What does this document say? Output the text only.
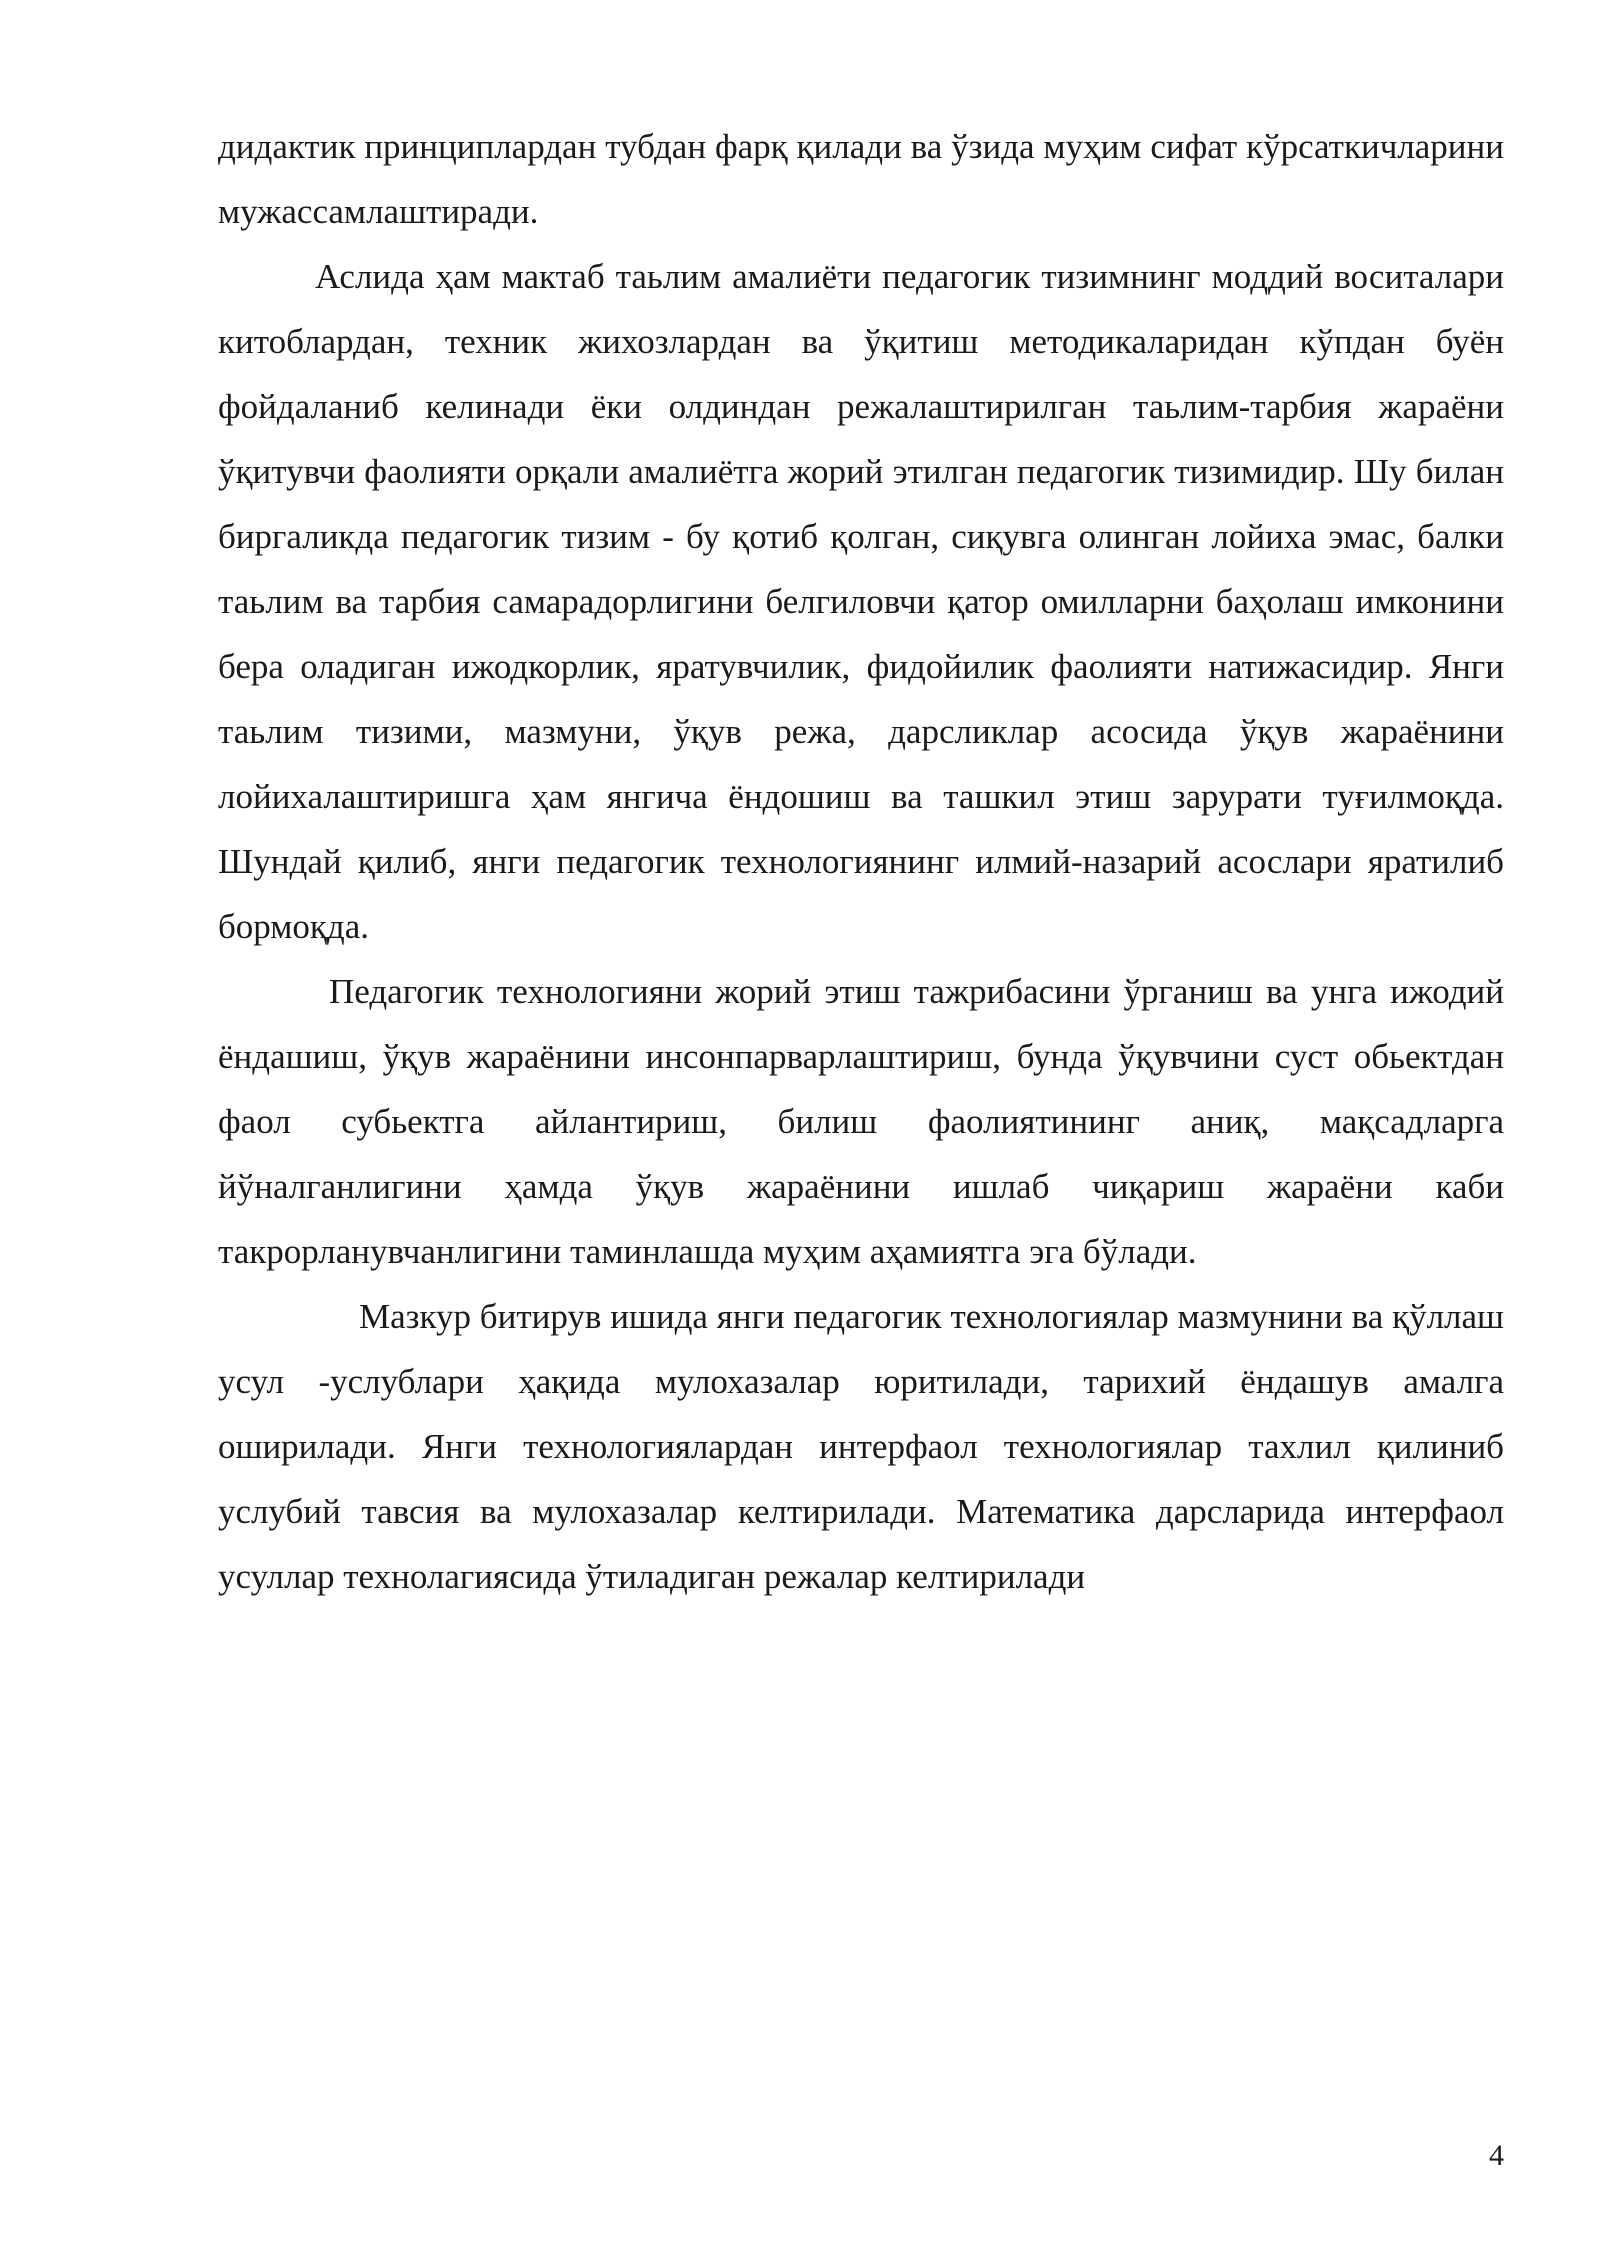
дидактик принциплардан тубдан фарқ қилади ва ўзида муҳим сифат кўрсаткичларини мужассамлаштиради.

Аслида ҳам мактаб таьлим амалиёти педагогик тизимнинг моддий воситалари китоблардан, техник жихозлардан ва ўқитиш методикаларидан кўпдан буён фойдаланиб келинади ёки олдиндан режалаштирилган таьлим-тарбия жараёни ўқитувчи фаолияти орқали амалиётга жорий этилган педагогик тизимидир. Шу билан биргаликда педагогик тизим - бу қотиб қолган, сиқувга олинган лойиха эмас, балки таьлим ва тарбия самарадорлигини белгиловчи қатор омилларни баҳолаш имконини бера оладиган ижодкорлик, яратувчилик, фидойилик фаолияти натижасидир. Янги таьлим тизими, мазмуни, ўқув режа, дарсликлар асосида ўқув жараёнини лойихалаштиришга ҳам янгича ёндошиш ва ташкил этиш зарурати туғилмоқда. Шундай қилиб, янги педагогик технологиянинг илмий-назарий асослари яратилиб бормоқда.

Педагогик технологияни жорий этиш тажрибасини ўрганиш ва унга ижодий ёндашиш, ўқув жараёнини инсонпарварлаштириш, бунда ўқувчини суст обьектдан фаол субьектга айлантириш, билиш фаолиятининг аниқ, мақсадларга йўналганлигини ҳамда ўқув жараёнини ишлаб чиқариш жараёни каби такрорланувчанлигини таминлашда муҳим аҳамиятга эга бўлади.

Мазкур битирув ишида янги педагогик технологиялар мазмунини ва қўллаш усул -услублари ҳақида мулохазалар юритилади, тарихий ёндашув амалга оширилади. Янги технологиялардан интерфаол технологиялар тахлил қилиниб услубий тавсия ва мулохазалар келтирилади. Математика дарсларида интерфаол усуллар технолагиясида ўтиладиган режалар келтирилади

4
